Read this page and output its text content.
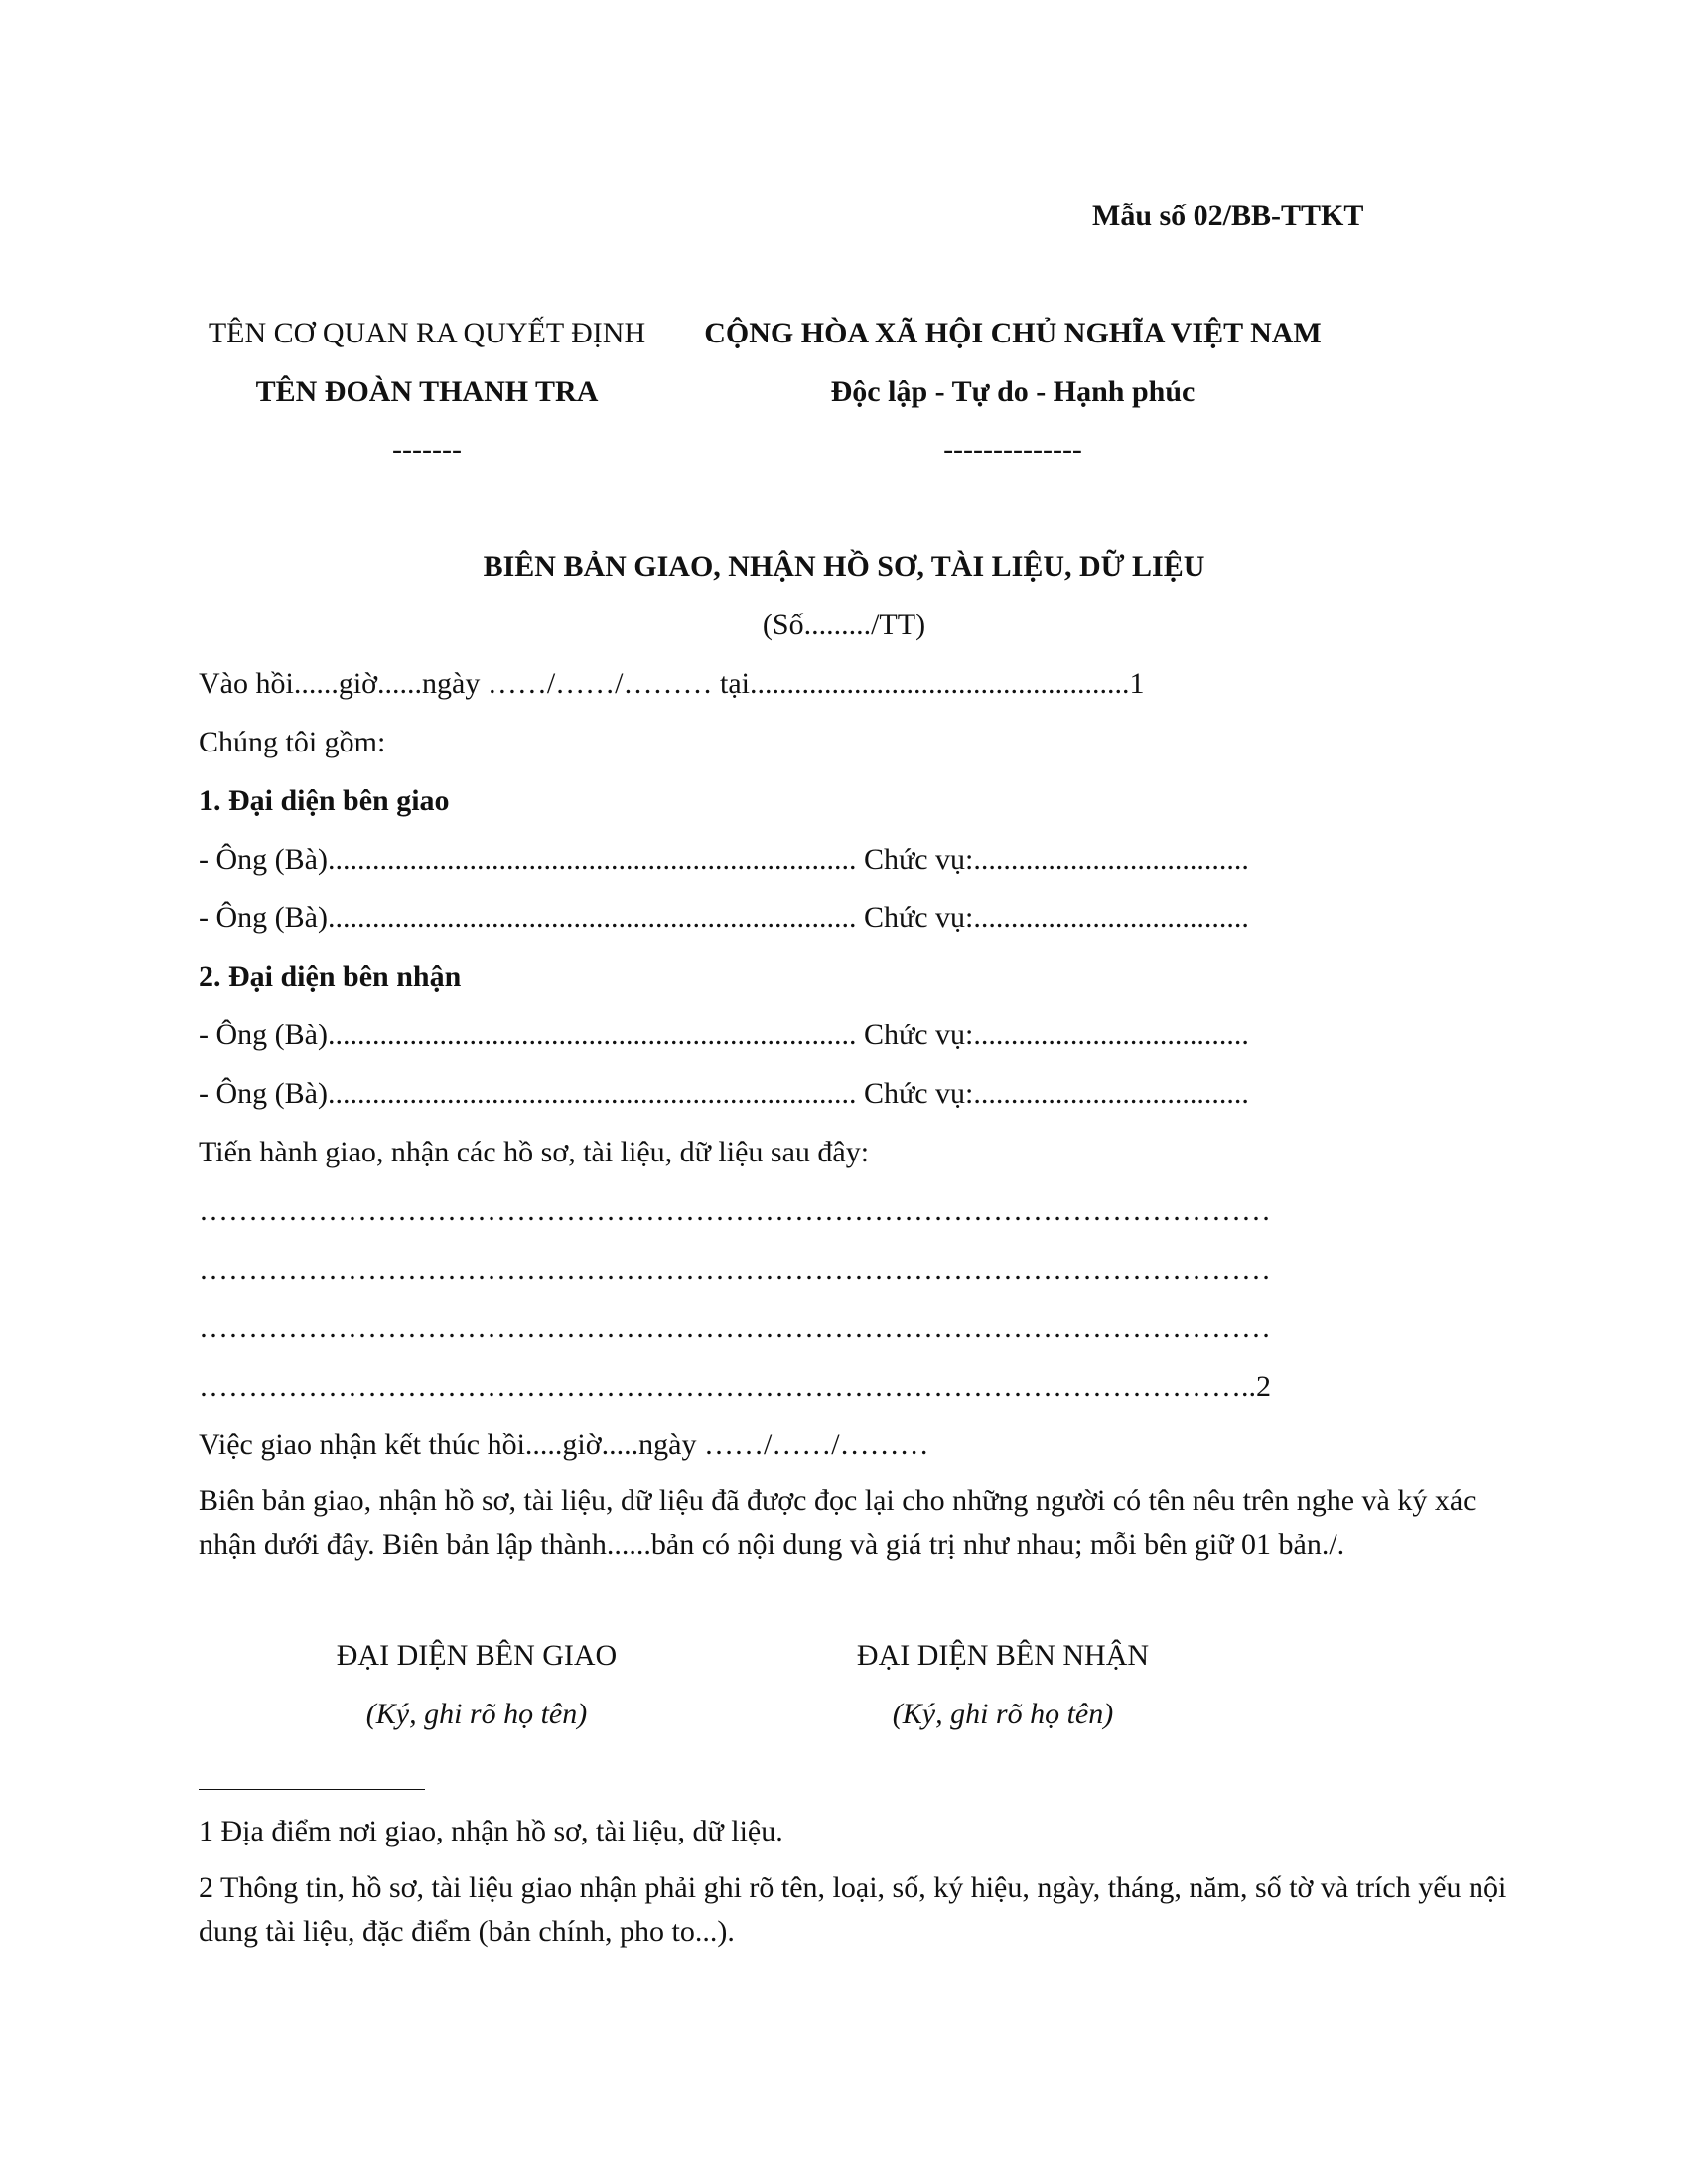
Mẫu số 02/BB-TTKT
TÊN CƠ QUAN RA QUYẾT ĐỊNH
TÊN ĐOÀN THANH TRA
-------
CỘNG HÒA XÃ HỘI CHỦ NGHĨA VIỆT NAM
Độc lập - Tự do - Hạnh phúc
--------------
BIÊN BẢN GIAO, NHẬN HỒ SƠ, TÀI LIỆU, DỮ LIỆU
(Số........./TT)
Vào hồi......giờ......ngày ……/……/……… tại...................................................1
Chúng tôi gồm:
1. Đại diện bên giao
- Ông (Bà)....................................................................... Chức vụ:.....................................
- Ông (Bà)....................................................................... Chức vụ:.....................................
2. Đại diện bên nhận
- Ông (Bà)....................................................................... Chức vụ:.....................................
- Ông (Bà)....................................................................... Chức vụ:.....................................
Tiến hành giao, nhận các hồ sơ, tài liệu, dữ liệu sau đây:
………………………………………………………………………………………………
………………………………………………………………………………………………
………………………………………………………………………………………………
……………………………………………………………………………………………..2
Việc giao nhận kết thúc hồi.....giờ.....ngày ……/……/………
Biên bản giao, nhận hồ sơ, tài liệu, dữ liệu đã được đọc lại cho những người có tên nêu trên nghe và ký xác nhận dưới đây. Biên bản lập thành......bản có nội dung và giá trị như nhau; mỗi bên giữ 01 bản./.
ĐẠI DIỆN BÊN GIAO
(Ký, ghi rõ họ tên)
ĐẠI DIỆN BÊN NHẬN
(Ký, ghi rõ họ tên)
1 Địa điểm nơi giao, nhận hồ sơ, tài liệu, dữ liệu.
2 Thông tin, hồ sơ, tài liệu giao nhận phải ghi rõ tên, loại, số, ký hiệu, ngày, tháng, năm, số tờ và trích yếu nội dung tài liệu, đặc điểm (bản chính, pho to...).
